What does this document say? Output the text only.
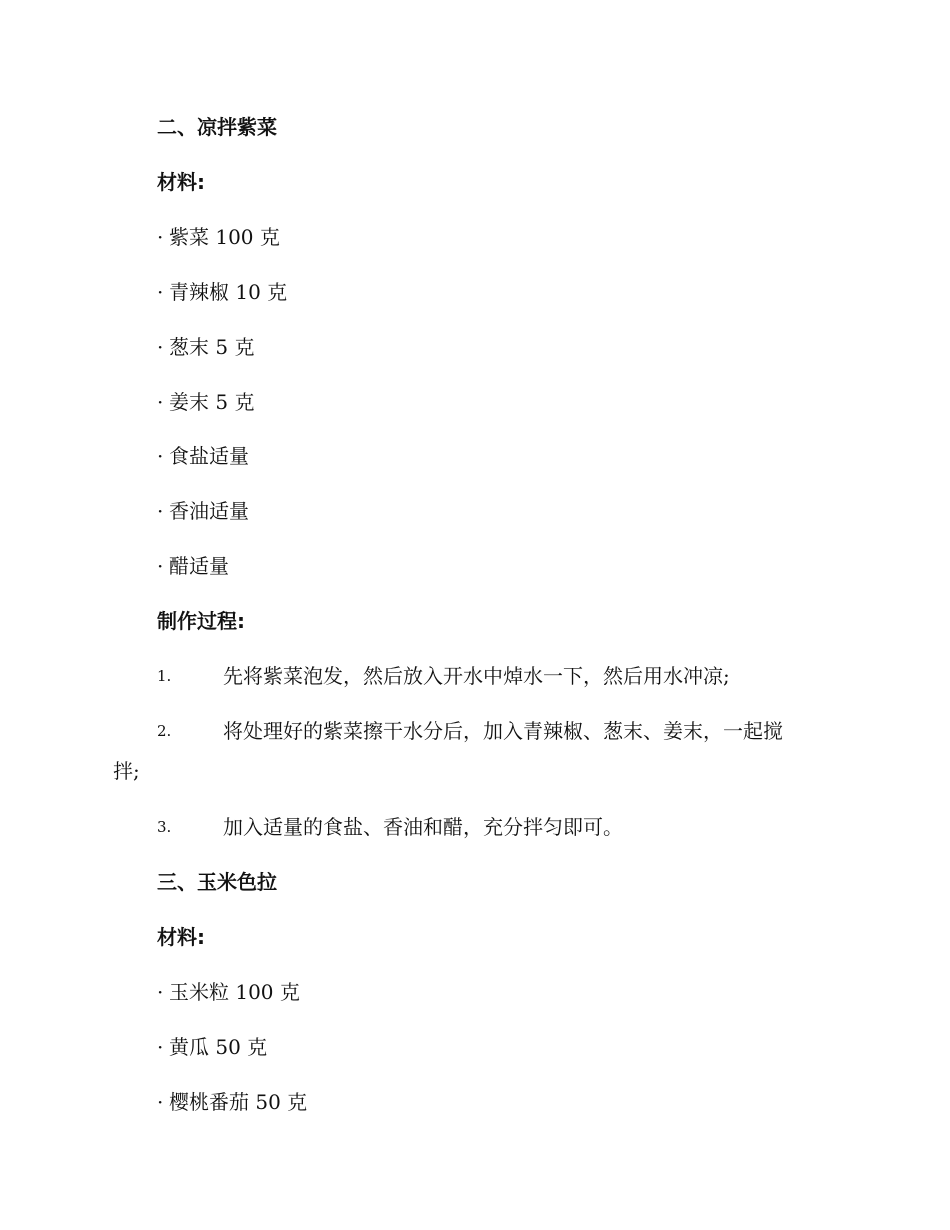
二、凉拌紫菜
材料:
· 紫菜 100 克
· 青辣椒 10 克
· 葱末 5 克
· 姜末 5 克
· 食盐适量
· 香油适量
· 醋适量
制作过程:
1.	先将紫菜泡发，然后放入开水中焯水一下，然后用水冲凉;
2.	将处理好的紫菜擦干水分后，加入青辣椒、葱末、姜末，一起搅
拌;
3.	加入适量的食盐、香油和醋，充分拌匀即可。
三、玉米色拉
材料:
· 玉米粒 100 克
· 黄瓜 50 克
· 樱桃番茄 50 克
